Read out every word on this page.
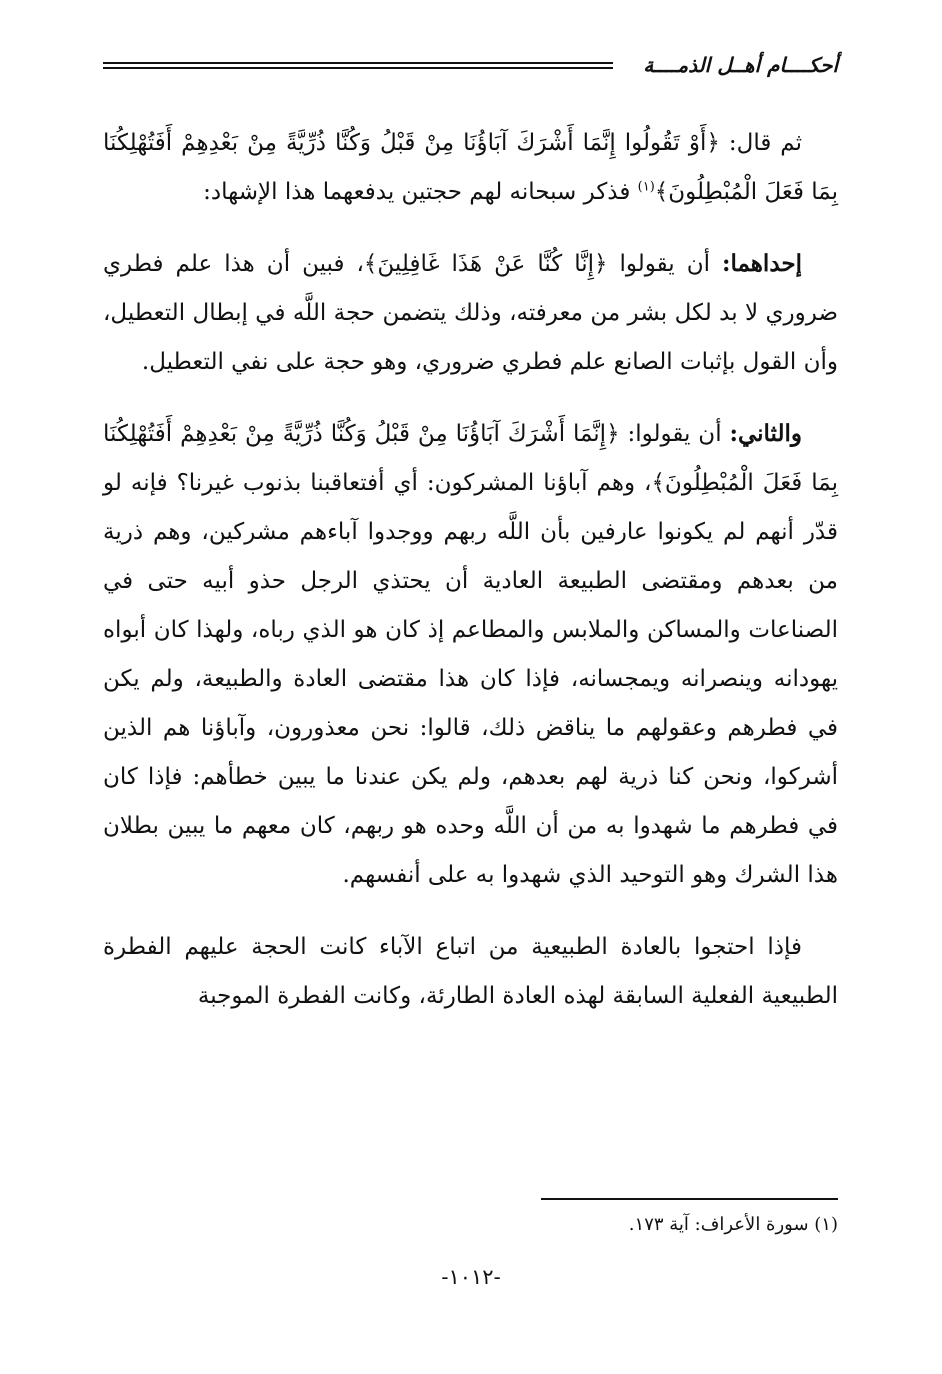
أحكــــام أهــل الذمــــة

ثم قال: ﴿أَوْ تَقُولُوا إِنَّمَا أَشْرَكَ آبَاؤُنَا مِنْ قَبْلُ وَكُنَّا ذُرِّيَّةً مِنْ بَعْدِهِمْ أَفَتُهْلِكُنَا بِمَا فَعَلَ الْمُبْطِلُونَ﴾$^{(١)}$ فذكر سبحانه لهم حجتين يدفعهما هذا الإشهاد:

إحداهما: أن يقولوا ﴿إِنَّا كُنَّا عَنْ هَذَا غَافِلِينَ﴾، فبين أن هذا علم فطري ضروري لا بد لكل بشر من معرفته، وذلك يتضمن حجة اللَّه في إبطال التعطيل، وأن القول بإثبات الصانع علم فطري ضروري، وهو حجة على نفي التعطيل.

والثاني: أن يقولوا: ﴿إِنَّمَا أَشْرَكَ آبَاؤُنَا مِنْ قَبْلُ وَكُنَّا ذُرِّيَّةً مِنْ بَعْدِهِمْ أَفَتُهْلِكُنَا بِمَا فَعَلَ الْمُبْطِلُونَ﴾، وهم آباؤنا المشركون: أي أفتعاقبنا بذنوب غيرنا؟ فإنه لو قدّر أنهم لم يكونوا عارفين بأن اللَّه ربهم ووجدوا آباءهم مشركين، وهم ذرية من بعدهم ومقتضى الطبيعة العادية أن يحتذي الرجل حذو أبيه حتى في الصناعات والمساكن والملابس والمطاعم إذ كان هو الذي رباه، ولهذا كان أبواه يهودانه وينصرانه ويمجسانه، فإذا كان هذا مقتضى العادة والطبيعة، ولم يكن في فطرهم وعقولهم ما يناقض ذلك، قالوا: نحن معذورون، وآباؤنا هم الذين أشركوا، ونحن كنا ذرية لهم بعدهم، ولم يكن عندنا ما يبين خطأهم: فإذا كان في فطرهم ما شهدوا به من أن اللَّه وحده هو ربهم، كان معهم ما يبين بطلان هذا الشرك وهو التوحيد الذي شهدوا به على أنفسهم.

فإذا احتجوا بالعادة الطبيعية من اتباع الآباء كانت الحجة عليهم الفطرة الطبيعية الفعلية السابقة لهذه العادة الطارئة، وكانت الفطرة الموجبة

(١) سورة الأعراف: آية ١٧٣.
-١٠١٢-
